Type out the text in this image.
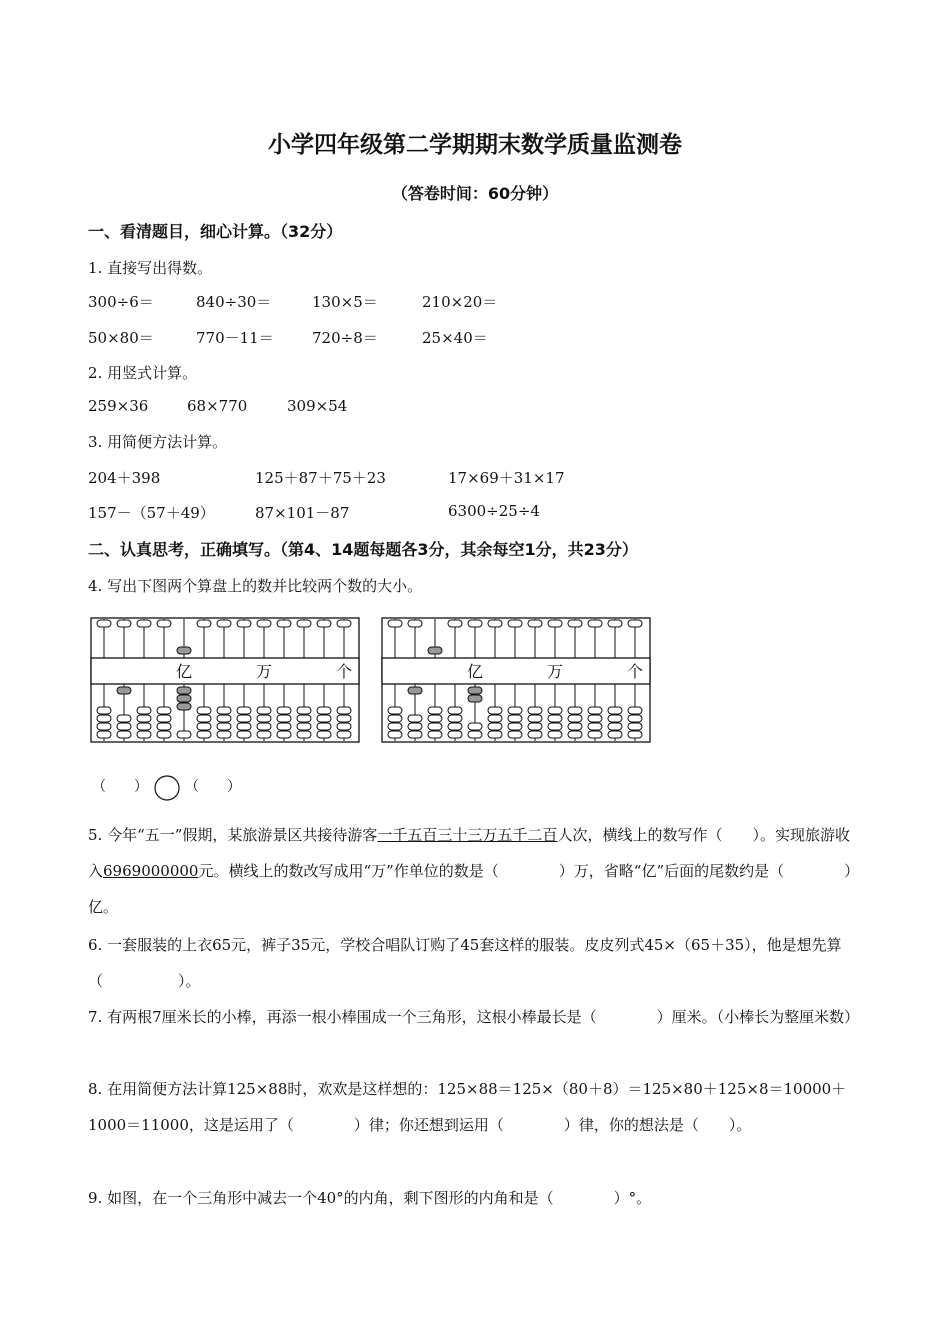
小学四年级第二学期期末数学质量监测卷
（答卷时间：60分钟）
一、看清题目，细心计算。（32分）
1. 直接写出得数。
300÷6＝	840÷30＝	130×5＝	210×20＝
50×80＝	770－11＝	720÷8＝	25×40＝
2. 用竖式计算。
259×36	68×770	309×54
3. 用简便方法计算。
204＋398	125＋87＋75＋23	17×69＋31×17
157－（57＋49）	87×101－87	6300÷25÷4
二、认真思考，正确填写。（第4、14题每题各3分，其余每空1分，共23分）
4. 写出下图两个算盘上的数并比较两个数的大小。
亿	万	个	亿	万	个
（　　）	（　　）
5. 今年“五一”假期，某旅游景区共接待游客一千五百三十三万五千二百人次，横线上的数写作（　　）。实现旅游收入6969000000元。横线上的数改写成用“万”作单位的数是（　　　　）万，省略“亿”后面的尾数约是（　　　　）亿。
6. 一套服装的上衣65元，裤子35元，学校合唱队订购了45套这样的服装。皮皮列式45×（65＋35），他是想先算（　　　　　）。
7. 有两根7厘米长的小棒，再添一根小棒围成一个三角形，这根小棒最长是（　　　　）厘米。（小棒长为整厘米数）
8. 在用简便方法计算125×88时，欢欢是这样想的：125×88＝125×（80＋8）＝125×80＋125×8＝10000＋1000＝11000，这是运用了（　　　　）律；你还想到运用（　　　　）律，你的想法是（　　）。
9. 如图，在一个三角形中减去一个40°的内角，剩下图形的内角和是（　　　　）°。
